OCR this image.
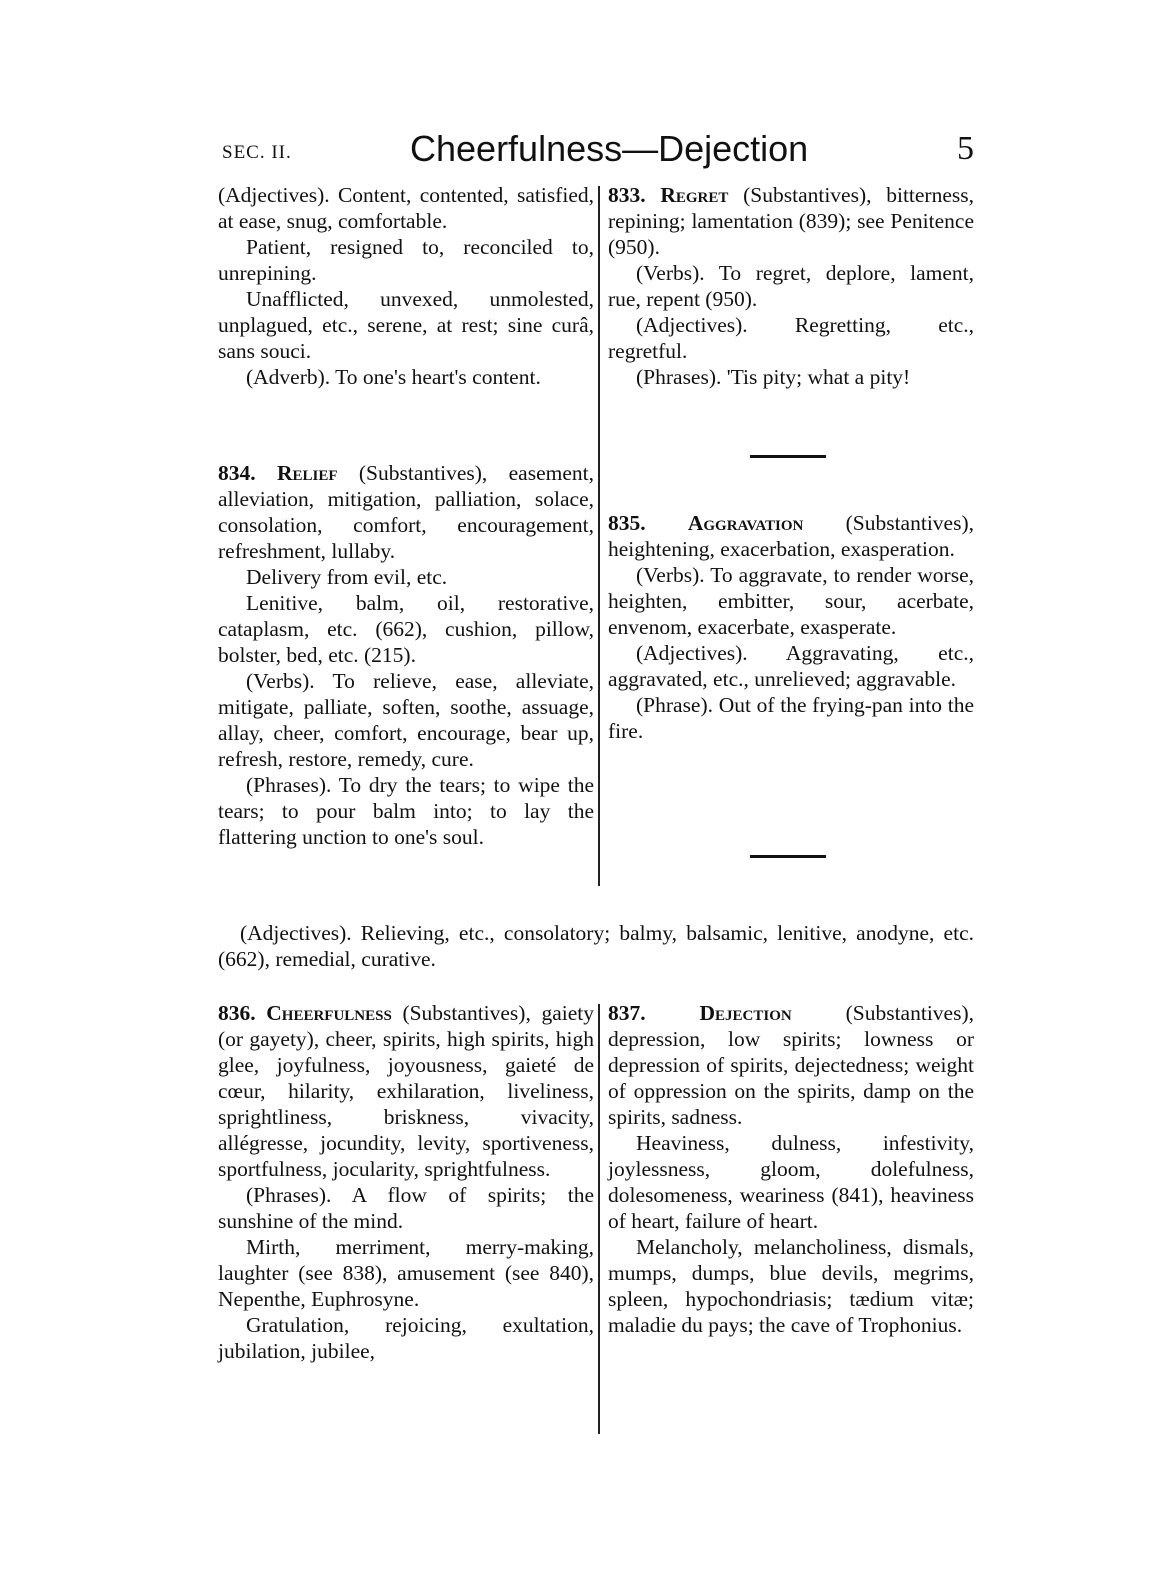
SEC. II.	Cheerfulness—Dejection	5

(Adjectives). Content, contented, satisfied, at ease, snug, comfortable.

Patient, resigned to, reconciled to, unrepining.

Unafflicted, unvexed, unmolested, unplagued, etc., serene, at rest; sine curâ, sans souci.

(Adverb). To one's heart's content.

834. Relief (Substantives), easement, alleviation, mitigation, palliation, solace, consolation, comfort, encouragement, refreshment, lullaby.

Delivery from evil, etc.

Lenitive, balm, oil, restorative, cataplasm, etc. (662), cushion, pillow, bolster, bed, etc. (215).

(Verbs). To relieve, ease, alleviate, mitigate, palliate, soften, soothe, assuage, allay, cheer, comfort, encourage, bear up, refresh, restore, remedy, cure.

(Phrases). To dry the tears; to wipe the tears; to pour balm into; to lay the flattering unction to one's soul.

833. Regret (Substantives), bitterness, repining; lamentation (839); see Penitence (950).

(Verbs). To regret, deplore, lament, rue, repent (950).

(Adjectives). Regretting, etc., regretful.

(Phrases). 'Tis pity; what a pity!

835. Aggravation (Substantives), heightening, exacerbation, exasperation.

(Verbs). To aggravate, to render worse, heighten, embitter, sour, acerbate, envenom, exacerbate, exasperate.

(Adjectives). Aggravating, etc., aggravated, etc., unrelieved; aggravable.

(Phrase). Out of the frying-pan into the fire.

(Adjectives). Relieving, etc., consolatory; balmy, balsamic, lenitive, anodyne, etc. (662), remedial, curative.

836. Cheerfulness (Substantives), gaiety (or gayety), cheer, spirits, high spirits, high glee, joyfulness, joyousness, gaieté de cœur, hilarity, exhilaration, liveliness, sprightliness, briskness, vivacity, allégresse, jocundity, levity, sportiveness, sportfulness, jocularity, sprightfulness.

(Phrases). A flow of spirits; the sunshine of the mind.

Mirth, merriment, merry-making, laughter (see 838), amusement (see 840), Nepenthe, Euphrosyne.

Gratulation, rejoicing, exultation, jubilation, jubilee,

837.	Dejection	(Substantives), depression, low spirits; lowness or depression of spirits, dejectedness; weight of oppression on the spirits, damp on the spirits, sadness.

Heaviness, dulness, infestivity, joylessness, gloom, dolefulness, dolesomeness, weariness (841), heaviness of heart, failure of heart.

Melancholy, melancholiness, dismals, mumps, dumps, blue devils, megrims, spleen, hypochondriasis; tædium vitæ; maladie du pays; the cave of Trophonius.
